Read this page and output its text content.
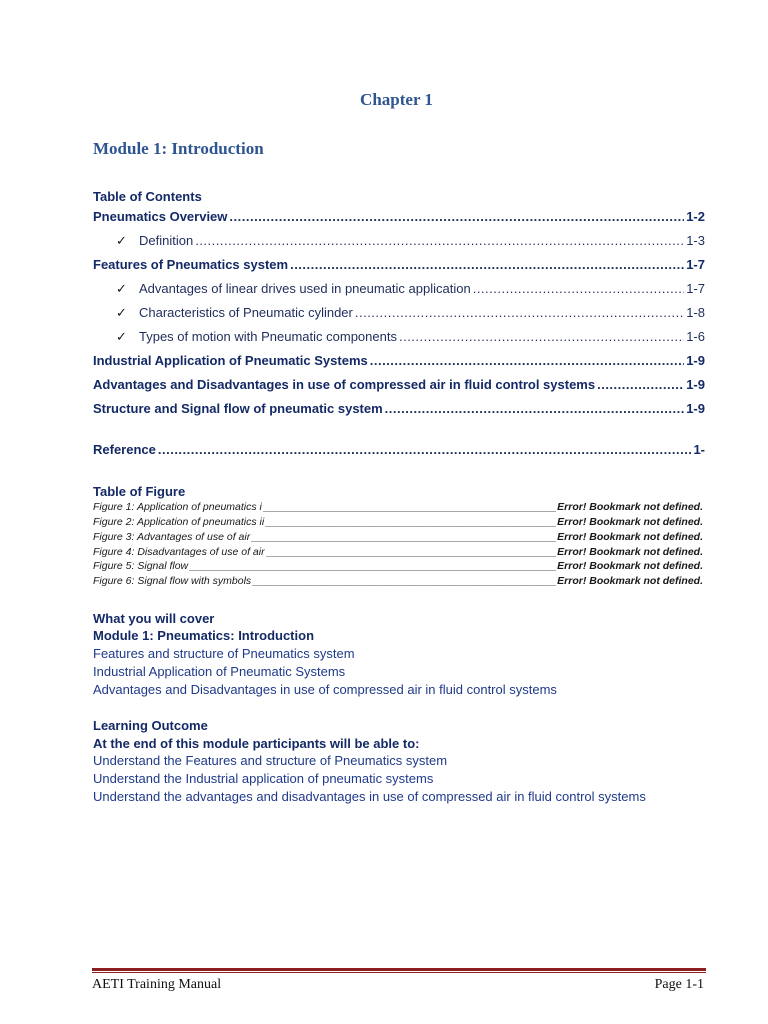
Chapter 1
Module 1: Introduction
Table of Contents
Pneumatics Overview .....	1-2
✓ Definition .....	1-3
Features of Pneumatics system .....	1-7
✓ Advantages of linear drives used in pneumatic application .....	1-7
✓ Characteristics of Pneumatic cylinder .....	1-8
✓ Types of motion with Pneumatic components .....	1-6
Industrial Application of Pneumatic Systems .....	1-9
Advantages and Disadvantages in use of compressed air in fluid control systems .....	1-9
Structure and Signal flow of pneumatic system .....	1-9
Reference .....	1-
Table of Figure
Figure 1: Application of pneumatics i _____	Error! Bookmark not defined.
Figure 2: Application of pneumatics ii _____	Error! Bookmark not defined.
Figure 3: Advantages of use of air _____	Error! Bookmark not defined.
Figure 4: Disadvantages of use of air _____	Error! Bookmark not defined.
Figure 5: Signal flow _____	Error! Bookmark not defined.
Figure 6: Signal flow with symbols _____	Error! Bookmark not defined.
What you will cover
Module 1: Pneumatics: Introduction
Features and structure of Pneumatics system
Industrial Application of Pneumatic Systems
Advantages and Disadvantages in use of compressed air in fluid control systems
Learning Outcome
At the end of this module participants will be able to:
Understand the Features and structure of Pneumatics system
Understand the Industrial application of pneumatic systems
Understand the advantages and disadvantages in use of compressed air in fluid control systems
AETI Training Manual	Page 1-1
